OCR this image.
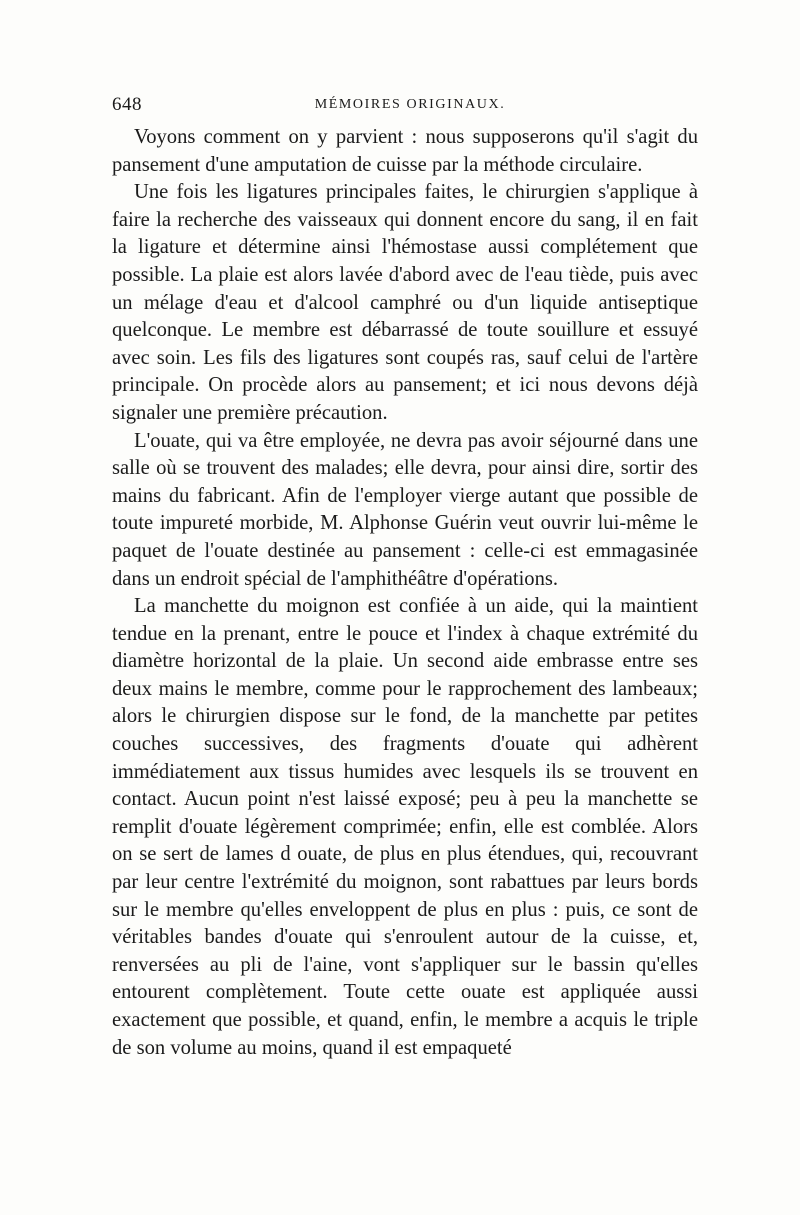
648	MÉMOIRES ORIGINAUX.

Voyons comment on y parvient : nous supposerons qu'il s'agit du pansement d'une amputation de cuisse par la méthode circulaire.

Une fois les ligatures principales faites, le chirurgien s'applique à faire la recherche des vaisseaux qui donnent encore du sang, il en fait la ligature et détermine ainsi l'hémostase aussi complétement que possible. La plaie est alors lavée d'abord avec de l'eau tiède, puis avec un mélage d'eau et d'alcool camphré ou d'un liquide antiseptique quelconque. Le membre est débarrassé de toute souillure et essuyé avec soin. Les fils des ligatures sont coupés ras, sauf celui de l'artère principale. On procède alors au pansement; et ici nous devons déjà signaler une première précaution.

L'ouate, qui va être employée, ne devra pas avoir séjourné dans une salle où se trouvent des malades; elle devra, pour ainsi dire, sortir des mains du fabricant. Afin de l'employer vierge autant que possible de toute impureté morbide, M. Alphonse Guérin veut ouvrir lui-même le paquet de l'ouate destinée au pansement : celle-ci est emmagasinée dans un endroit spécial de l'amphithéâtre d'opérations.

La manchette du moignon est confiée à un aide, qui la maintient tendue en la prenant, entre le pouce et l'index à chaque extrémité du diamètre horizontal de la plaie. Un second aide embrasse entre ses deux mains le membre, comme pour le rapprochement des lambeaux; alors le chirurgien dispose sur le fond, de la manchette par petites couches successives, des fragments d'ouate qui adhèrent immédiatement aux tissus humides avec lesquels ils se trouvent en contact. Aucun point n'est laissé exposé; peu à peu la manchette se remplit d'ouate légèrement comprimée; enfin, elle est comblée. Alors on se sert de lames d ouate, de plus en plus étendues, qui, recouvrant par leur centre l'extrémité du moignon, sont rabattues par leurs bords sur le membre qu'elles enveloppent de plus en plus : puis, ce sont de véritables bandes d'ouate qui s'enroulent autour de la cuisse, et, renversées au pli de l'aine, vont s'appliquer sur le bassin qu'elles entourent complètement. Toute cette ouate est appliquée aussi exactement que possible, et quand, enfin, le membre a acquis le triple de son volume au moins, quand il est empaqueté
